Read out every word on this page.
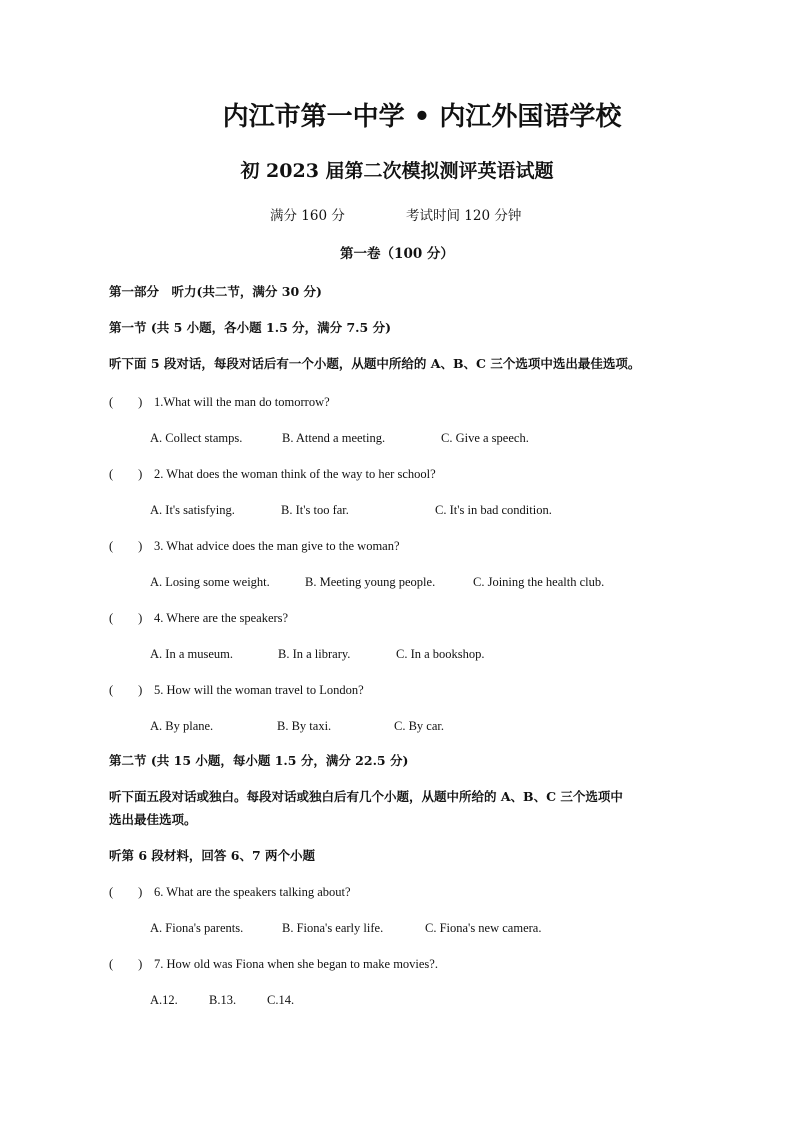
内江市第一中学 • 内江外国语学校
初 2023 届第二次模拟测评英语试题
满分 160 分	考试时间 120 分钟
第一卷（100 分）
第一部分　听力(共二节，满分 30 分)
第一节 (共 5 小题，各小题 1.5 分，满分 7.5 分)
听下面 5 段对话，每段对话后有一个小题，从题中所给的 A、B、C 三个选项中选出最佳选项。
(　　) 1.What will the man do tomorrow?
A. Collect stamps.	B. Attend a meeting.	C. Give a speech.
(　　) 2. What does the woman think of the way to her school?
A. It's satisfying.	B. It's too far.	C. It's in bad condition.
(　　) 3. What advice does the man give to the woman?
A. Losing some weight.	B. Meeting young people.	C. Joining the health club.
(　　) 4. Where are the speakers?
A. In a museum.	B. In a library.	C. In a bookshop.
(　　) 5. How will the woman travel to London?
A. By plane.	B. By taxi.	C. By car.
第二节 (共 15 小题，每小题 1.5 分，满分 22.5 分)
听下面五段对话或独白。每段对话或独白后有几个小题，从题中所给的 A、B、C 三个选项中
选出最佳选项。
听第 6 段材料，回答 6、7 两个小题
(　　) 6. What are the speakers talking about?
A. Fiona's parents.	B. Fiona's early life.	C. Fiona's new camera.
(　　) 7. How old was Fiona when she began to make movies?.
A.12. B.13. C.14.
